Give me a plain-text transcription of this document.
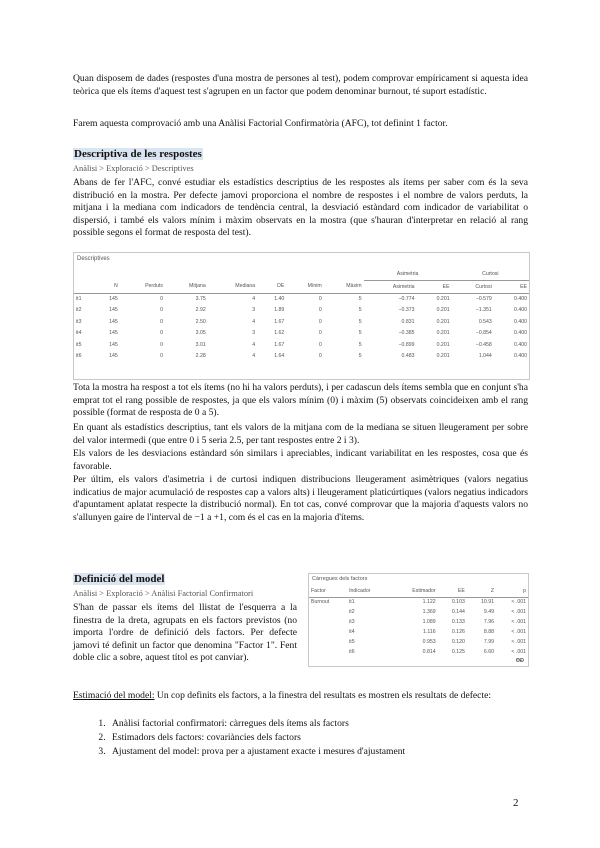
Quan disposem de dades (respostes d'una mostra de persones al test), podem comprovar empíricament si aquesta idea teòrica que els ítems d'aquest test s'agrupen en un factor que podem denominar burnout, té suport estadístic.

Farem aquesta comprovació amb una Anàlisi Factorial Confirmatòria (AFC), tot definint 1 factor.

Descriptiva de les respostes

Anàlisi > Exploració > Descriptives

Abans de fer l'AFC, convé estudiar els estadístics descriptius de les respostes als ítems per saber com és la seva distribució en la mostra. Per defecte jamovi proporciona el nombre de respostes i el nombre de valors perduts, la mitjana i la mediana com indicadors de tendència central, la desviació estàndard com indicador de variabilitat o dispersió, i també els valors mínim i màxim observats en la mostra (que s'hauran d'interpretar en relació al rang possible segons el format de resposta del test).

Descriptives
								Asimetria		Curtosi	
	N	Perduts	Mitjana	Mediana	DE	Mínim	Màxim	Asimetria	EE	Curtosi	EE
it1	145	0	3.75	4	1.40	0	5	−0.774	0.201	−0.579	0.400
it2	145	0	2.92	3	1.89	0	5	−0.373	0.201	−1.351	0.400
it3	145	0	2.50	4	1.67	0	5	0.831	0.201	0.543	0.400
it4	145	0	3.05	3	1.62	0	5	−0.385	0.201	−0.854	0.400
it5	145	0	3.01	4	1.67	0	5	−0.899	0.201	−0.458	0.400
it6	145	0	2.28	4	1.64	0	5	0.483	0.201	1.044	0.400

Tota la mostra ha respost a tot els ítems (no hi ha valors perduts), i per cadascun dels ítems sembla que en conjunt s'ha emprat tot el rang possible de respostes, ja que els valors mínim (0) i màxim (5) observats coincideixen amb el rang possible (format de resposta de 0 a 5).

En quant als estadístics descriptius, tant els valors de la mitjana com de la mediana se situen lleugerament per sobre del valor intermedi (que entre 0 i 5 seria 2.5, per tant respostes entre 2 i 3).

Els valors de les desviacions estàndard són similars i apreciables, indicant variabilitat en les respostes, cosa que és favorable.

Per últim, els valors d'asimetria i de curtosi indiquen distribucions lleugerament asimètriques (valors negatius indicatius de major acumulació de respostes cap a valors alts) i lleugerament platicúrtiques (valors negatius indicadors d'apuntament aplatat respecte la distribució normal). En tot cas, convé comprovar que la majoria d'aquests valors no s'allunyen gaire de l'interval de −1 a +1, com és el cas en la majoria d'ítems.

Definició del model

Anàlisi > Exploració > Anàlisi Factorial Confirmatori

S'han de passar els ítems del llistat de l'esquerra a la finestra de la dreta, agrupats en els factors previstos (no importa l'ordre de definició dels factors. Per defecte jamovi té definit un factor que denomina "Factor 1". Fent doble clic a sobre, aquest títol es pot canviar).

Càrregues dels factors
Factor	Indicador	Estimador	EE	Z	p
Burnout	it1	1.122	0.103	10.91	< .001
	it2	1.369	0.144	9.49	< .001
	it3	1.089	0.133	7.96	< .001
	it4	1.116	0.126	8.88	< .001
	it5	0.953	0.120	7.99	< .001
	it6	0.814	0.125	6.60	< .001
ΘÐ

Estimació del model: Un cop definits els factors, a la finestra del resultats es mostren els resultats de defecte:

1. Anàlisi factorial confirmatori: càrregues dels ítems als factors
2. Estimadors dels factors: covariàncies dels factors
3. Ajustament del model: prova per a ajustament exacte i mesures d'ajustament
2
